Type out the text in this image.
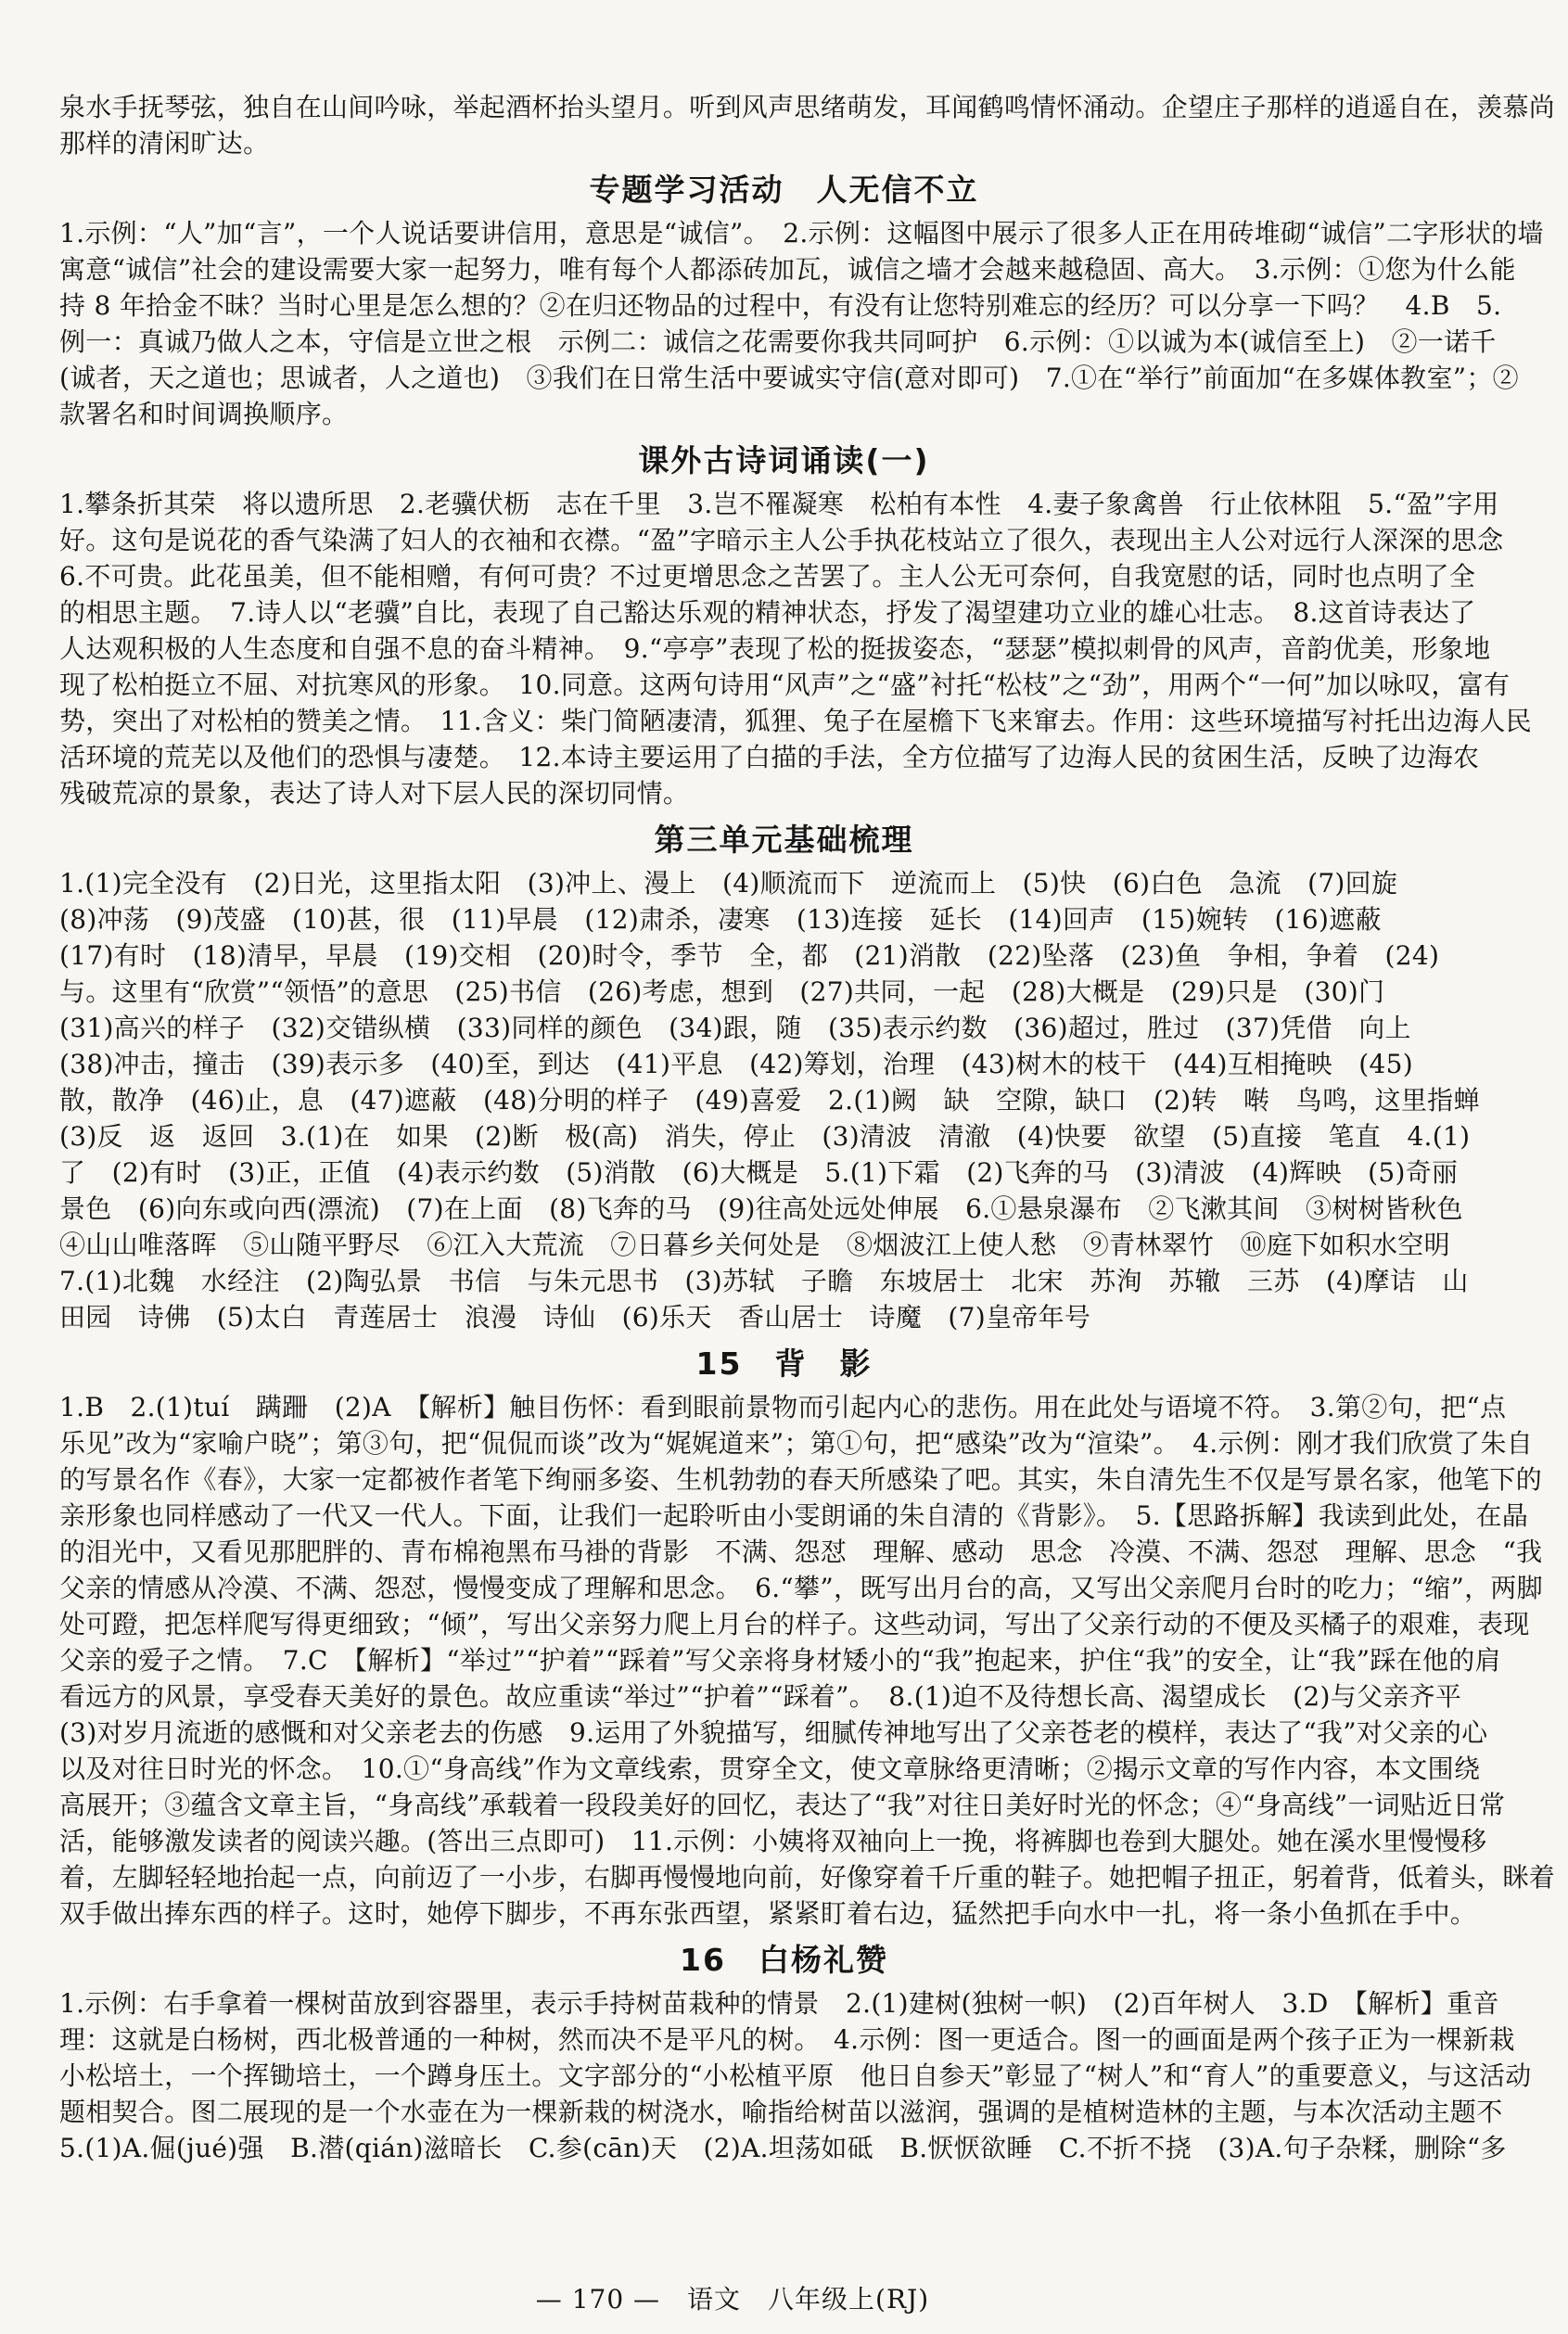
泉水手抚琴弦，独自在山间吟咏，举起酒杯抬头望月。听到风声思绪萌发，耳闻鹤鸣情怀涌动。企望庄子那样的逍遥自在，羡慕尚
那样的清闲旷达。
专题学习活动　人无信不立
1.示例：“人”加“言”，一个人说话要讲信用，意思是“诚信”。　2.示例：这幅图中展示了很多人正在用砖堆砌“诚信”二字形状的墙
寓意“诚信”社会的建设需要大家一起努力，唯有每个人都添砖加瓦，诚信之墙才会越来越稳固、高大。　3.示例：①您为什么能
持 8 年拾金不昧？当时心里是怎么想的？②在归还物品的过程中，有没有让您特别难忘的经历？可以分享一下吗？　4.B　5.
例一：真诚乃做人之本，守信是立世之根　示例二：诚信之花需要你我共同呵护　6.示例：①以诚为本(诚信至上)　②一诺千
(诚者，天之道也；思诚者，人之道也)　③我们在日常生活中要诚实守信(意对即可)　7.①在“举行”前面加“在多媒体教室”；②
款署名和时间调换顺序。
课外古诗词诵读(一)
1.攀条折其荣　将以遗所思　2.老骥伏枥　志在千里　3.岂不罹凝寒　松柏有本性　4.妻子象禽兽　行止依林阻　5.“盈”字用
好。这句是说花的香气染满了妇人的衣袖和衣襟。“盈”字暗示主人公手执花枝站立了很久，表现出主人公对远行人深深的思念
6.不可贵。此花虽美，但不能相赠，有何可贵？不过更增思念之苦罢了。主人公无可奈何，自我宽慰的话，同时也点明了全
的相思主题。　7.诗人以“老骥”自比，表现了自己豁达乐观的精神状态，抒发了渴望建功立业的雄心壮志。　8.这首诗表达了
人达观积极的人生态度和自强不息的奋斗精神。　9.“亭亭”表现了松的挺拔姿态，“瑟瑟”模拟刺骨的风声，音韵优美，形象地
现了松柏挺立不屈、对抗寒风的形象。　10.同意。这两句诗用“风声”之“盛”衬托“松枝”之“劲”，用两个“一何”加以咏叹，富有
势，突出了对松柏的赞美之情。　11.含义：柴门简陋凄清，狐狸、兔子在屋檐下飞来窜去。作用：这些环境描写衬托出边海人民
活环境的荒芜以及他们的恐惧与凄楚。　12.本诗主要运用了白描的手法，全方位描写了边海人民的贫困生活，反映了边海农
残破荒凉的景象，表达了诗人对下层人民的深切同情。
第三单元基础梳理
1.(1)完全没有　(2)日光，这里指太阳　(3)冲上、漫上　(4)顺流而下　逆流而上　(5)快　(6)白色　急流　(7)回旋
(8)冲荡　(9)茂盛　(10)甚，很　(11)早晨　(12)肃杀，凄寒　(13)连接　延长　(14)回声　(15)婉转　(16)遮蔽
(17)有时　(18)清早，早晨　(19)交相　(20)时令，季节　全，都　(21)消散　(22)坠落　(23)鱼　争相，争着　(24)
与。这里有“欣赏”“领悟”的意思　(25)书信　(26)考虑，想到　(27)共同，一起　(28)大概是　(29)只是　(30)门
(31)高兴的样子　(32)交错纵横　(33)同样的颜色　(34)跟，随　(35)表示约数　(36)超过，胜过　(37)凭借　向上
(38)冲击，撞击　(39)表示多　(40)至，到达　(41)平息　(42)筹划，治理　(43)树木的枝干　(44)互相掩映　(45)
散，散净　(46)止，息　(47)遮蔽　(48)分明的样子　(49)喜爱　2.(1)阙　缺　空隙，缺口　(2)转　啭　鸟鸣，这里指蝉
(3)反　返　返回　3.(1)在　如果　(2)断　极(高)　消失，停止　(3)清波　清澈　(4)快要　欲望　(5)直接　笔直　4.(1)
了　(2)有时　(3)正，正值　(4)表示约数　(5)消散　(6)大概是　5.(1)下霜　(2)飞奔的马　(3)清波　(4)辉映　(5)奇丽
景色　(6)向东或向西(漂流)　(7)在上面　(8)飞奔的马　(9)往高处远处伸展　6.①悬泉瀑布　②飞漱其间　③树树皆秋色
④山山唯落晖　⑤山随平野尽　⑥江入大荒流　⑦日暮乡关何处是　⑧烟波江上使人愁　⑨青林翠竹　⑩庭下如积水空明
7.(1)北魏　水经注　(2)陶弘景　书信　与朱元思书　(3)苏轼　子瞻　东坡居士　北宋　苏洵　苏辙　三苏　(4)摩诘　山
田园　诗佛　(5)太白　青莲居士　浪漫　诗仙　(6)乐天　香山居士　诗魔　(7)皇帝年号
15　背　影
1.B　2.(1)tuí　蹒跚　(2)A　【解析】触目伤怀：看到眼前景物而引起内心的悲伤。用在此处与语境不符。　3.第②句，把“点
乐见”改为“家喻户晓”；第③句，把“侃侃而谈”改为“娓娓道来”；第①句，把“感染”改为“渲染”。　4.示例：刚才我们欣赏了朱自
的写景名作《春》，大家一定都被作者笔下绚丽多姿、生机勃勃的春天所感染了吧。其实，朱自清先生不仅是写景名家，他笔下的
亲形象也同样感动了一代又一代人。下面，让我们一起聆听由小雯朗诵的朱自清的《背影》。　5.【思路拆解】我读到此处，在晶
的泪光中，又看见那肥胖的、青布棉袍黑布马褂的背影　不满、怨怼　理解、感动　思念　冷漠、不满、怨怼　理解、思念　“我
父亲的情感从冷漠、不满、怨怼，慢慢变成了理解和思念。　6.“攀”，既写出月台的高，又写出父亲爬月台时的吃力；“缩”，两脚
处可蹬，把怎样爬写得更细致；“倾”，写出父亲努力爬上月台的样子。这些动词，写出了父亲行动的不便及买橘子的艰难，表现
父亲的爱子之情。　7.C　【解析】“举过”“护着”“踩着”写父亲将身材矮小的“我”抱起来，护住“我”的安全，让“我”踩在他的肩
看远方的风景，享受春天美好的景色。故应重读“举过”“护着”“踩着”。　8.(1)迫不及待想长高、渴望成长　(2)与父亲齐平
(3)对岁月流逝的感慨和对父亲老去的伤感　9.运用了外貌描写，细腻传神地写出了父亲苍老的模样，表达了“我”对父亲的心
以及对往日时光的怀念。　10.①“身高线”作为文章线索，贯穿全文，使文章脉络更清晰；②揭示文章的写作内容，本文围绕
高展开；③蕴含文章主旨，“身高线”承载着一段段美好的回忆，表达了“我”对往日美好时光的怀念；④“身高线”一词贴近日常
活，能够激发读者的阅读兴趣。(答出三点即可)　11.示例：小姨将双袖向上一挽，将裤脚也卷到大腿处。她在溪水里慢慢移
着，左脚轻轻地抬起一点，向前迈了一小步，右脚再慢慢地向前，好像穿着千斤重的鞋子。她把帽子扭正，躬着背，低着头，眯着
双手做出捧东西的样子。这时，她停下脚步，不再东张西望，紧紧盯着右边，猛然把手向水中一扎，将一条小鱼抓在手中。
16　白杨礼赞
1.示例：右手拿着一棵树苗放到容器里，表示手持树苗栽种的情景　2.(1)建树(独树一帜)　(2)百年树人　3.D　【解析】重音
理：这就是白杨树，西北极普通的一种树，然而决不是平凡的树。　4.示例：图一更适合。图一的画面是两个孩子正为一棵新栽
小松培土，一个挥锄培土，一个蹲身压土。文字部分的“小松植平原　他日自参天”彰显了“树人”和“育人”的重要意义，与这活动
题相契合。图二展现的是一个水壶在为一棵新栽的树浇水，喻指给树苗以滋润，强调的是植树造林的主题，与本次活动主题不
5.(1)A.倔(jué)强　B.潜(qián)滋暗长　C.参(cān)天　(2)A.坦荡如砥　B.恹恹欲睡　C.不折不挠　(3)A.句子杂糅，删除“多
— 170 —　语文　八年级上(RJ)
